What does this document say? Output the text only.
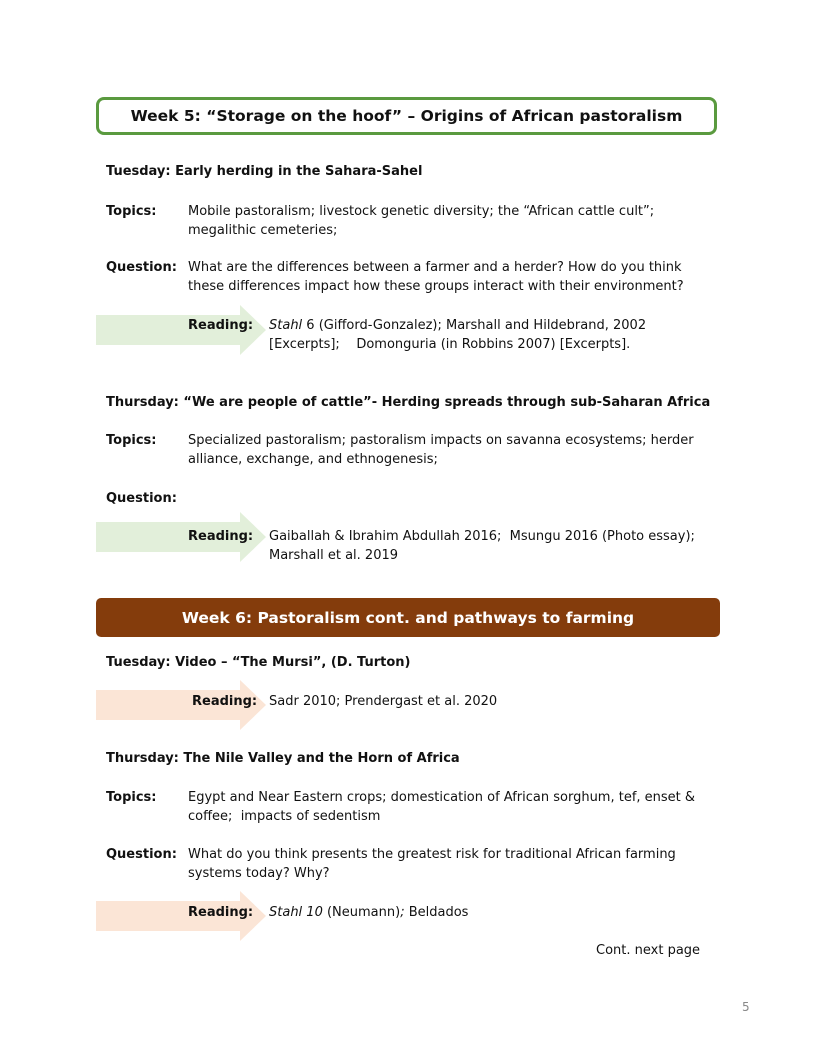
Week 5: “Storage on the hoof” – Origins of African pastoralism
Tuesday: Early herding in the Sahara-Sahel
Topics: Mobile pastoralism; livestock genetic diversity; the “African cattle cult”;
megalithic cemeteries;
Question: What are the differences between a farmer and a herder? How do you think
these differences impact how these groups interact with their environment?
Reading: Stahl 6 (Gifford-Gonzalez); Marshall and Hildebrand, 2002
[Excerpts];    Domonguria (in Robbins 2007) [Excerpts].
Thursday: “We are people of cattle”- Herding spreads through sub-Saharan Africa
Topics: Specialized pastoralism; pastoralism impacts on savanna ecosystems; herder
alliance, exchange, and ethnogenesis;
Question:
Reading: Gaiballah & Ibrahim Abdullah 2016;  Msungu 2016 (Photo essay);
Marshall et al. 2019
Week 6: Pastoralism cont. and pathways to farming
Tuesday: Video – “The Mursi”, (D. Turton)
Reading: Sadr 2010; Prendergast et al. 2020
Thursday: The Nile Valley and the Horn of Africa
Topics: Egypt and Near Eastern crops; domestication of African sorghum, tef, enset &
coffee;  impacts of sedentism
Question: What do you think presents the greatest risk for traditional African farming
systems today? Why?
Reading: Stahl 10 (Neumann); Beldados
Cont. next page
5
